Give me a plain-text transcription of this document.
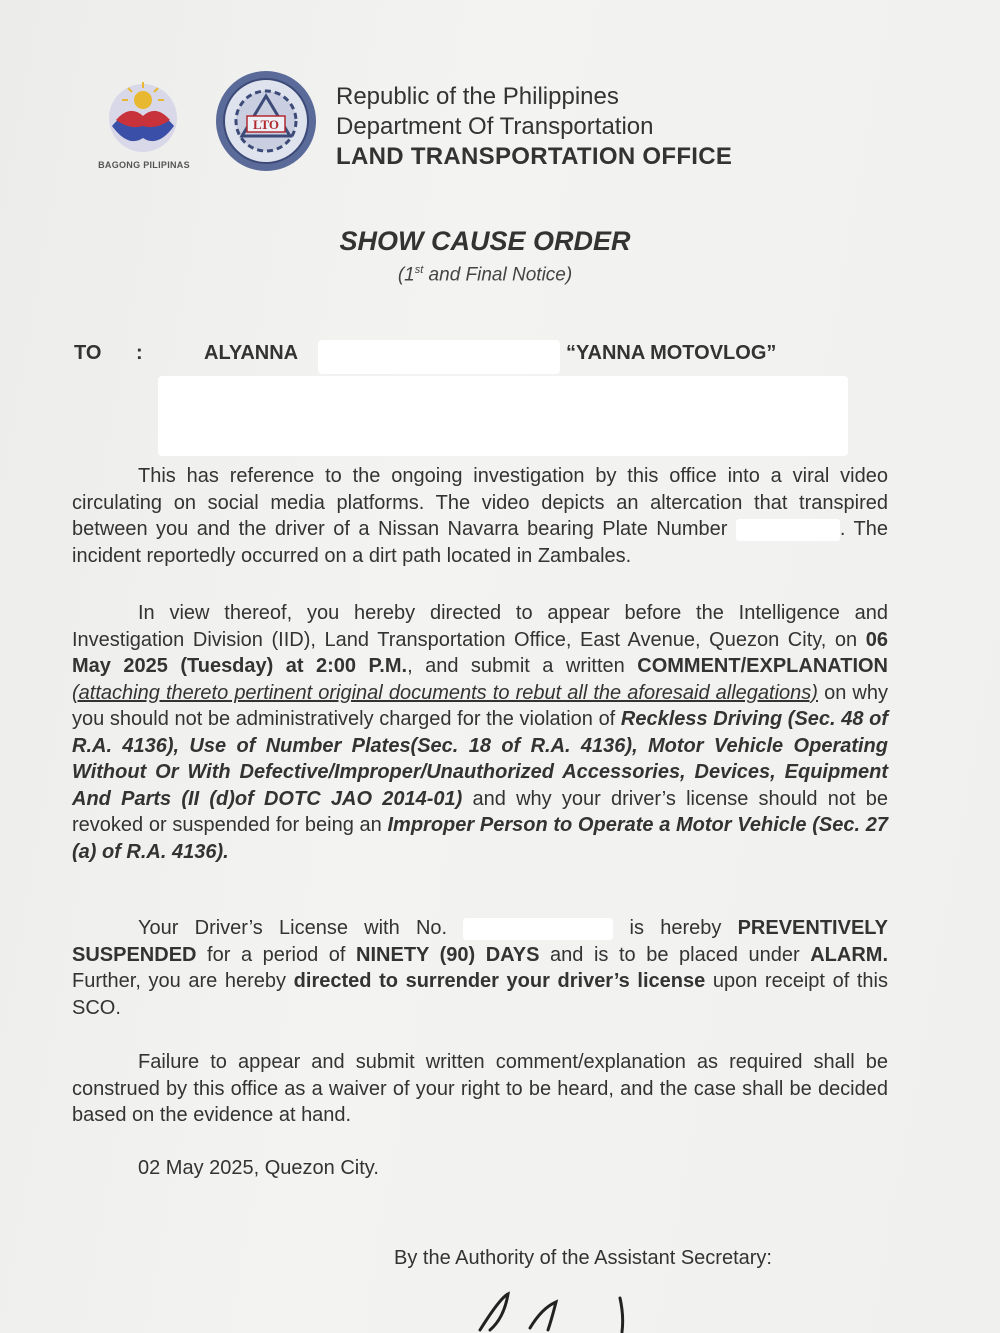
BAGONG PILIPINAS
LTO
Republic of the Philippines
Department Of Transportation
LAND TRANSPORTATION OFFICE
SHOW CAUSE ORDER
(1st and Final Notice)
TO :	ALYANNA	“YANNA MOTOVLOG”

This has reference to the ongoing investigation by this office into a viral video circulating on social media platforms. The video depicts an altercation that transpired between you and the driver of a Nissan Navarra bearing Plate Number	. The incident reportedly occurred on a dirt path located in Zambales.

In view thereof, you hereby directed to appear before the Intelligence and Investigation Division (IID), Land Transportation Office, East Avenue, Quezon City, on 06 May 2025 (Tuesday) at 2:00 P.M., and submit a written COMMENT/EXPLANATION (attaching thereto pertinent original documents to rebut all the aforesaid allegations) on why you should not be administratively charged for the violation of Reckless Driving (Sec. 48 of R.A. 4136), Use of Number Plates(Sec. 18 of R.A. 4136), Motor Vehicle Operating Without Or With Defective/Improper/Unauthorized Accessories, Devices, Equipment And Parts (II (d)of DOTC JAO 2014-01) and why your driver’s license should not be revoked or suspended for being an Improper Person to Operate a Motor Vehicle (Sec. 27 (a) of R.A. 4136).

Your Driver’s License with No.	is hereby PREVENTIVELY SUSPENDED for a period of NINETY (90) DAYS and is to be placed under ALARM. Further, you are hereby directed to surrender your driver’s license upon receipt of this SCO.

Failure to appear and submit written comment/explanation as required shall be construed by this office as a waiver of your right to be heard, and the case shall be decided based on the evidence at hand.

02 May 2025, Quezon City.

By the Authority of the Assistant Secretary:
